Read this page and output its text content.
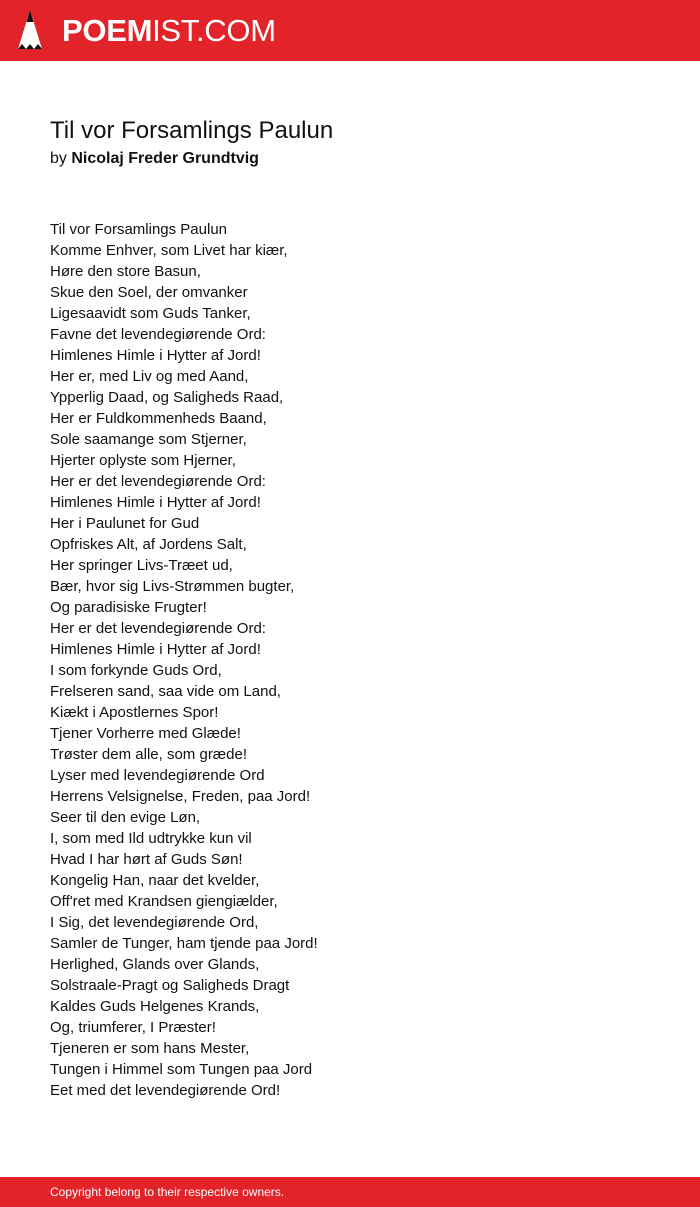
POEMIST.COM
Til vor Forsamlings Paulun
by Nicolaj Freder Grundtvig
Til vor Forsamlings Paulun
Komme Enhver, som Livet har kiær,
Høre den store Basun,
Skue den Soel, der omvanker
Ligesaavidt som Guds Tanker,
Favne det levendegiørende Ord:
Himlenes Himle i Hytter af Jord!
Her er, med Liv og med Aand,
Ypperlig Daad, og Saligheds Raad,
Her er Fuldkommenheds Baand,
Sole saamange som Stjerner,
Hjerter oplyste som Hjerner,
Her er det levendegiørende Ord:
Himlenes Himle i Hytter af Jord!
Her i Paulunet for Gud
Opfriskes Alt, af Jordens Salt,
Her springer Livs-Træet ud,
Bær, hvor sig Livs-Strømmen bugter,
Og paradisiske Frugter!
Her er det levendegiørende Ord:
Himlenes Himle i Hytter af Jord!
I som forkynde Guds Ord,
Frelseren sand, saa vide om Land,
Kiækt i Apostlernes Spor!
Tjener Vorherre med Glæde!
Trøster dem alle, som græde!
Lyser med levendegiørende Ord
Herrens Velsignelse, Freden, paa Jord!
Seer til den evige Løn,
I, som med Ild udtrykke kun vil
Hvad I har hørt af Guds Søn!
Kongelig Han, naar det kvelder,
Off'ret med Krandsen giengiælder,
I Sig, det levendegiørende Ord,
Samler de Tunger, ham tjende paa Jord!
Herlighed, Glands over Glands,
Solstraale-Pragt og Saligheds Dragt
Kaldes Guds Helgenes Krands,
Og, triumferer, I Præster!
Tjeneren er som hans Mester,
Tungen i Himmel som Tungen paa Jord
Eet med det levendegiørende Ord!
Copyright belong to their respective owners.
